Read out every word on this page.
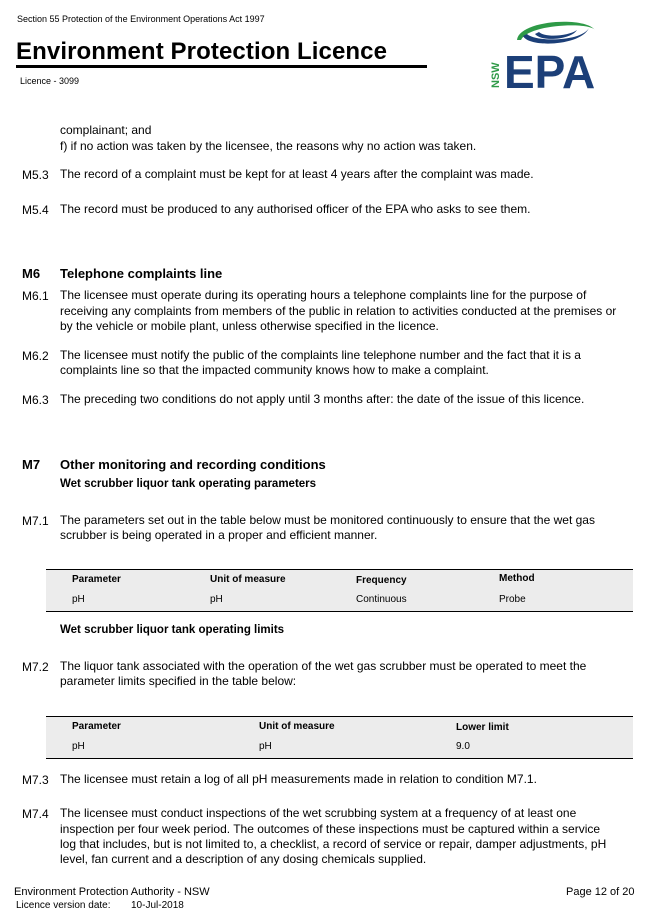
Section 55 Protection of the Environment Operations Act 1997
Environment Protection Licence
Licence - 3099	NSW EPA
complainant; and
f) if no action was taken by the licensee, the reasons why no action was taken.
M5.3 The record of a complaint must be kept for at least 4 years after the complaint was made.
M5.4 The record must be produced to any authorised officer of the EPA who asks to see them.
M6 Telephone complaints line
M6.1 The licensee must operate during its operating hours a telephone complaints line for the purpose of
receiving any complaints from members of the public in relation to activities conducted at the premises or
by the vehicle or mobile plant, unless otherwise specified in the licence.
M6.2 The licensee must notify the public of the complaints line telephone number and the fact that it is a
complaints line so that the impacted community knows how to make a complaint.
M6.3 The preceding two conditions do not apply until 3 months after: the date of the issue of this licence.
M7 Other monitoring and recording conditions
Wet scrubber liquor tank operating parameters
M7.1 The parameters set out in the table below must be monitored continuously to ensure that the wet gas
scrubber is being operated in a proper and efficient manner.
Parameter	Unit of measure	Frequency	Method
pH	pH	Continuous	Probe
Wet scrubber liquor tank operating limits
M7.2 The liquor tank associated with the operation of the wet gas scrubber must be operated to meet the
parameter limits specified in the table below:
Parameter	Unit of measure	Lower limit
pH	pH	9.0
M7.3 The licensee must retain a log of all pH measurements made in relation to condition M7.1.
M7.4 The licensee must conduct inspections of the wet scrubbing system at a frequency of at least one
inspection per four week period. The outcomes of these inspections must be captured within a service
log that includes, but is not limited to, a checklist, a record of service or repair, damper adjustments, pH
level, fan current and a description of any dosing chemicals supplied.
Environment Protection Authority - NSW
Licence version date: 10-Jul-2018
Page 12 of 20
